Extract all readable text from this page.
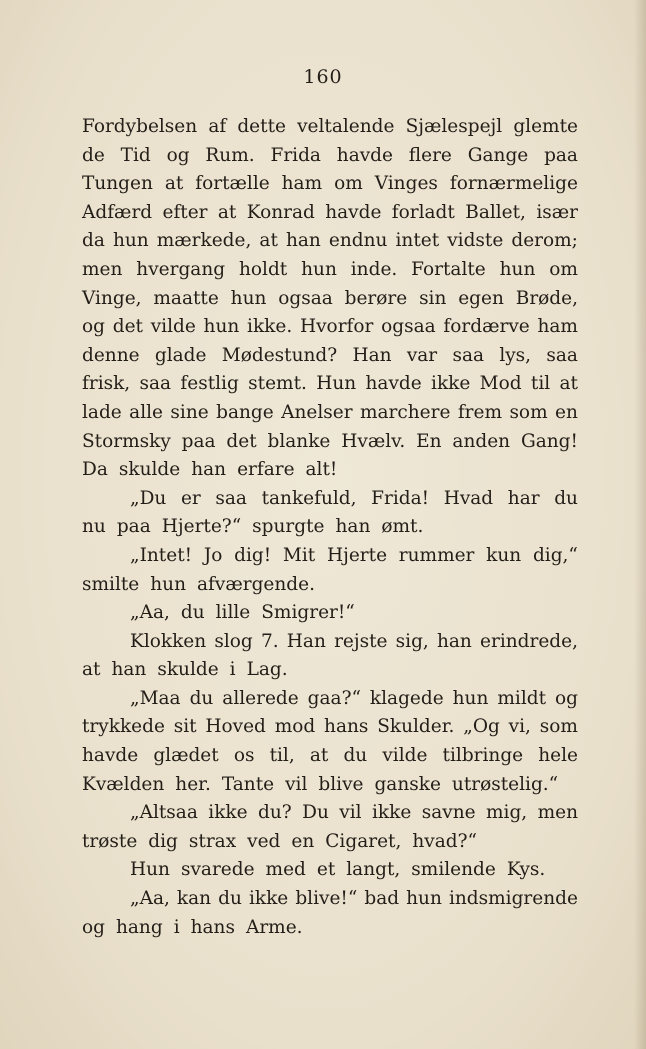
160
Fordybelsen af dette veltalende Sjælespejl glemte
de Tid og Rum. Frida havde flere Gange paa
Tungen at fortælle ham om Vinges fornærmelige
Adfærd efter at Konrad havde forladt Ballet, især
da hun mærkede, at han endnu intet vidste derom;
men hvergang holdt hun inde. Fortalte hun om
Vinge, maatte hun ogsaa berøre sin egen Brøde,
og det vilde hun ikke. Hvorfor ogsaa fordærve ham
denne glade Mødestund? Han var saa lys, saa
frisk, saa festlig stemt. Hun havde ikke Mod til at
lade alle sine bange Anelser marchere frem som en
Stormsky paa det blanke Hvælv. En anden Gang!
Da skulde han erfare alt!
„Du er saa tankefuld, Frida! Hvad har du
nu paa Hjerte?“ spurgte han ømt.
„Intet! Jo dig! Mit Hjerte rummer kun dig,“
smilte hun afværgende.
„Aa, du lille Smigrer!“
Klokken slog 7. Han rejste sig, han erindrede,
at han skulde i Lag.
„Maa du allerede gaa?“ klagede hun mildt og
trykkede sit Hoved mod hans Skulder. „Og vi, som
havde glædet os til, at du vilde tilbringe hele
Kvælden her. Tante vil blive ganske utrøstelig.“
„Altsaa ikke du? Du vil ikke savne mig, men
trøste dig strax ved en Cigaret, hvad?“
Hun svarede med et langt, smilende Kys.
„Aa, kan du ikke blive!“ bad hun indsmigrende
og hang i hans Arme.
